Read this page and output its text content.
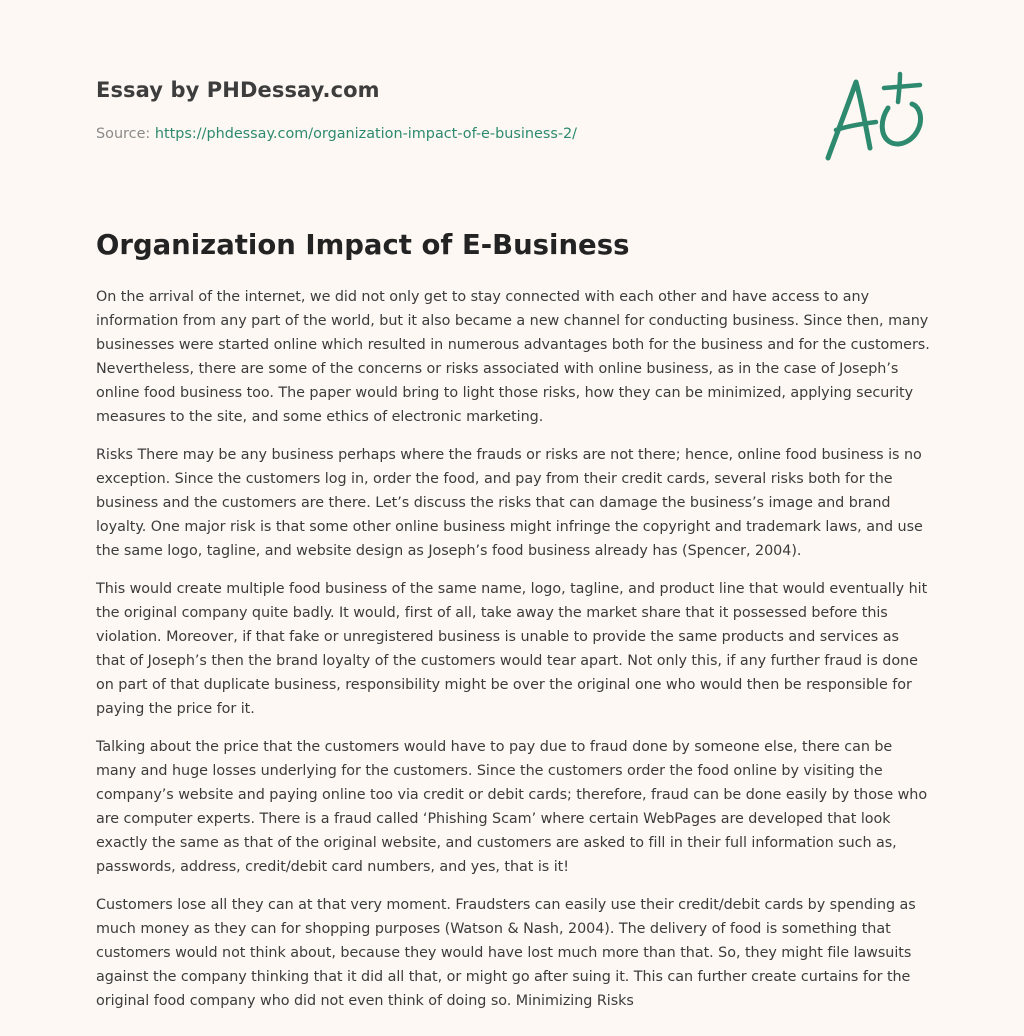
Essay by PHDessay.com
Source: https://phdessay.com/organization-impact-of-e-business-2/
Organization Impact of E-Business

On the arrival of the internet, we did not only get to stay connected with each other and have access to any information from any part of the world, but it also became a new channel for conducting business. Since then, many businesses were started online which resulted in numerous advantages both for the business and for the customers. Nevertheless, there are some of the concerns or risks associated with online business, as in the case of Joseph’s online food business too. The paper would bring to light those risks, how they can be minimized, applying security measures to the site, and some ethics of electronic marketing.

Risks There may be any business perhaps where the frauds or risks are not there; hence, online food business is no exception. Since the customers log in, order the food, and pay from their credit cards, several risks both for the business and the customers are there. Let’s discuss the risks that can damage the business’s image and brand loyalty. One major risk is that some other online business might infringe the copyright and trademark laws, and use the same logo, tagline, and website design as Joseph’s food business already has (Spencer, 2004).

This would create multiple food business of the same name, logo, tagline, and product line that would eventually hit the original company quite badly. It would, first of all, take away the market share that it possessed before this violation. Moreover, if that fake or unregistered business is unable to provide the same products and services as that of Joseph’s then the brand loyalty of the customers would tear apart. Not only this, if any further fraud is done on part of that duplicate business, responsibility might be over the original one who would then be responsible for paying the price for it.

Talking about the price that the customers would have to pay due to fraud done by someone else, there can be many and huge losses underlying for the customers. Since the customers order the food online by visiting the company’s website and paying online too via credit or debit cards; therefore, fraud can be done easily by those who are computer experts. There is a fraud called ‘Phishing Scam’ where certain WebPages are developed that look exactly the same as that of the original website, and customers are asked to fill in their full information such as, passwords, address, credit/debit card numbers, and yes, that is it!

Customers lose all they can at that very moment. Fraudsters can easily use their credit/debit cards by spending as much money as they can for shopping purposes (Watson & Nash, 2004). The delivery of food is something that customers would not think about, because they would have lost much more than that. So, they might file lawsuits against the company thinking that it did all that, or might go after suing it. This can further create curtains for the original food company who did not even think of doing so. Minimizing Risks
